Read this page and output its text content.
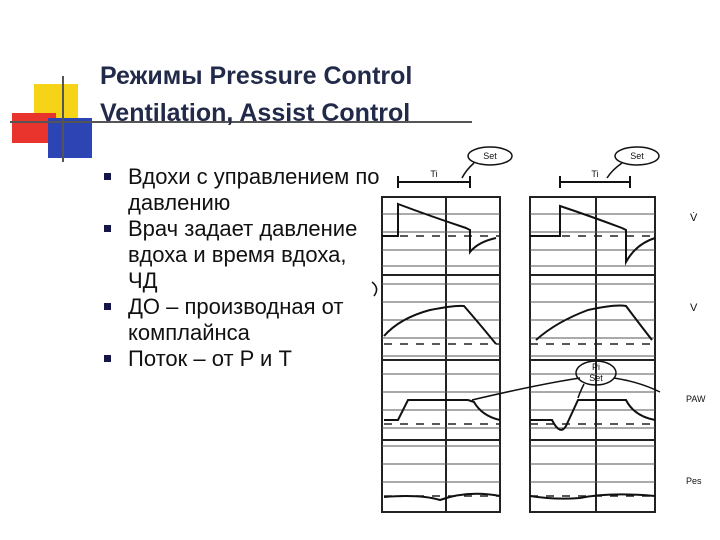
Режимы Pressure Control
Ventilation, Assist Control
Вдохи с управлением по давлению
Врач задает давление вдоха и время вдоха, ЧД
ДО – производная от комплайнса
Поток – от P и T
Ti	Ti
Set	Set
Pi
Set
V̇
V
PAW
Pes
